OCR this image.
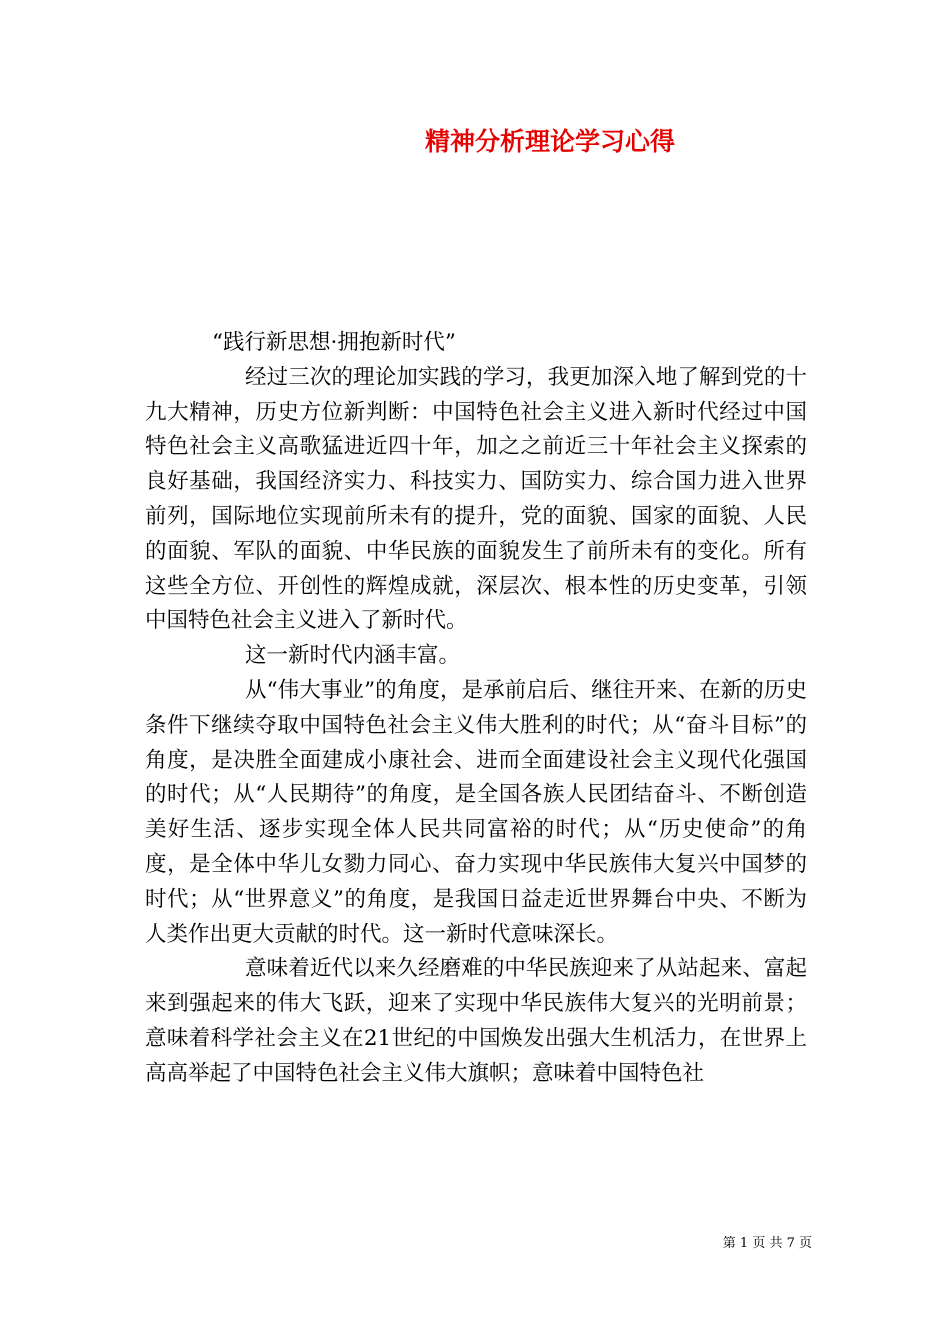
精神分析理论学习心得

“践行新思想·拥抱新时代”

经过三次的理论加实践的学习，我更加深入地了解到党的十九大精神，历史方位新判断：中国特色社会主义进入新时代经过中国特色社会主义高歌猛进近四十年，加之之前近三十年社会主义探索的良好基础，我国经济实力、科技实力、国防实力、综合国力进入世界前列，国际地位实现前所未有的提升，党的面貌、国家的面貌、人民的面貌、军队的面貌、中华民族的面貌发生了前所未有的变化。所有这些全方位、开创性的辉煌成就，深层次、根本性的历史变革，引领中国特色社会主义进入了新时代。

这一新时代内涵丰富。

从“伟大事业”的角度，是承前启后、继往开来、在新的历史条件下继续夺取中国特色社会主义伟大胜利的时代；从“奋斗目标”的角度，是决胜全面建成小康社会、进而全面建设社会主义现代化强国的时代；从“人民期待”的角度，是全国各族人民团结奋斗、不断创造美好生活、逐步实现全体人民共同富裕的时代；从“历史使命”的角度，是全体中华儿女勠力同心、奋力实现中华民族伟大复兴中国梦的时代；从“世界意义”的角度，是我国日益走近世界舞台中央、不断为人类作出更大贡献的时代。这一新时代意味深长。

意味着近代以来久经磨难的中华民族迎来了从站起来、富起来到强起来的伟大飞跃，迎来了实现中华民族伟大复兴的光明前景；意味着科学社会主义在21世纪的中国焕发出强大生机活力，在世界上高高举起了中国特色社会主义伟大旗帜；意味着中国特色社

第 1 页 共 7 页
